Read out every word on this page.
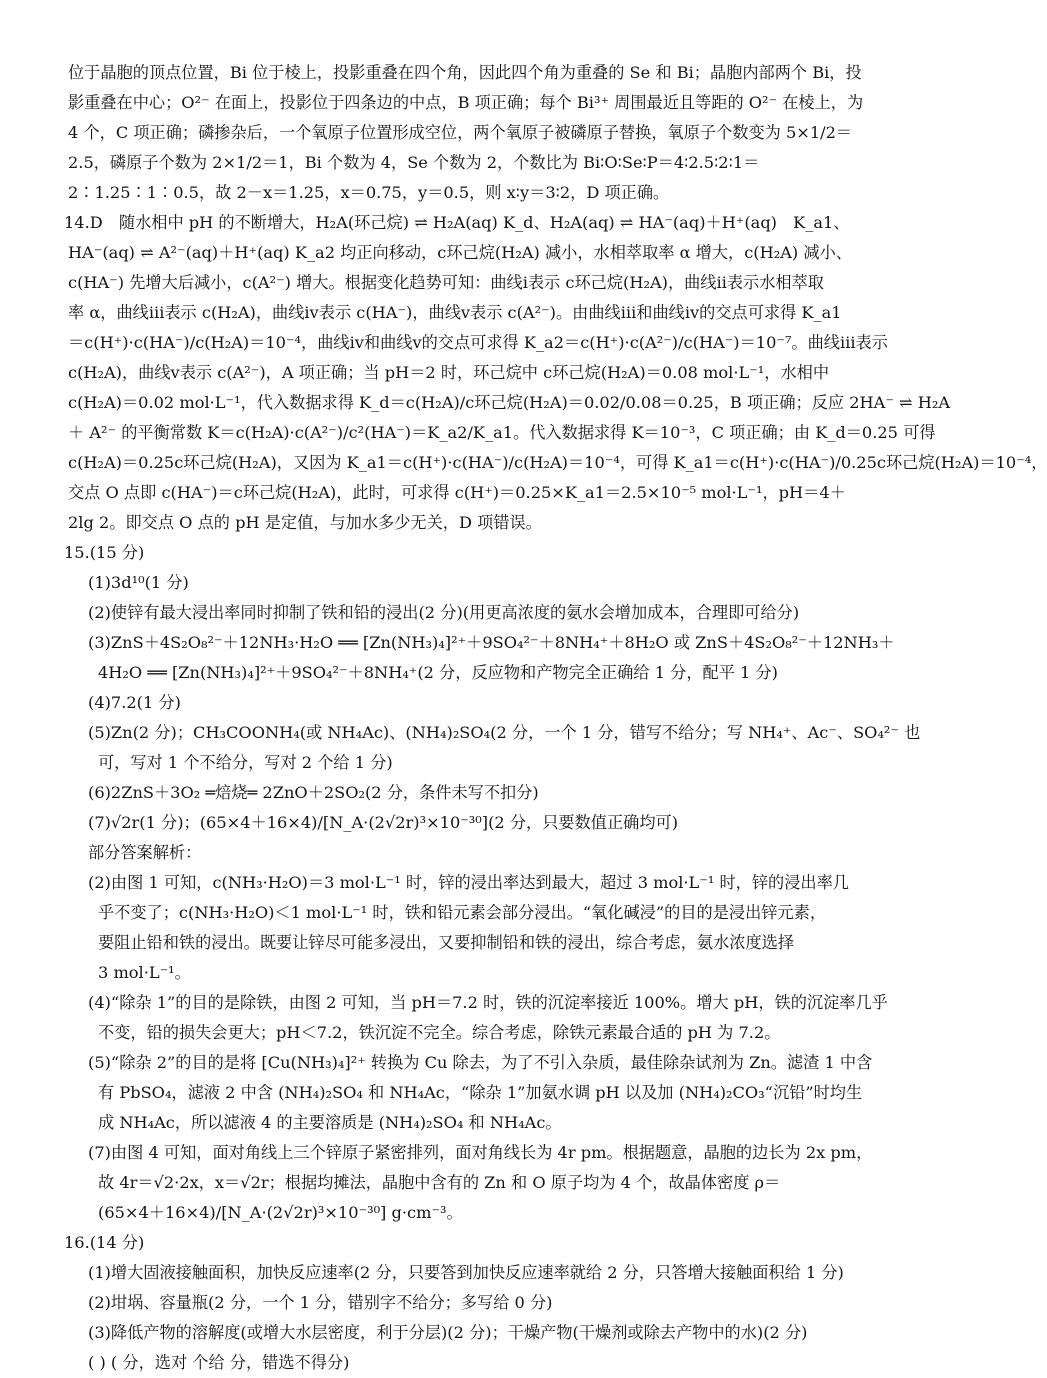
位于晶胞的顶点位置，Bi 位于棱上，投影重叠在四个角，因此四个角为重叠的 Se 和 Bi；晶胞内部两个 Bi，投
影重叠在中心；O²⁻ 在面上，投影位于四条边的中点，B 项正确；每个 Bi³⁺ 周围最近且等距的 O²⁻ 在棱上，为
4 个，C 项正确；磷掺杂后，一个氧原子位置形成空位，两个氧原子被磷原子替换，氧原子个数变为 5×1/2＝
2.5，磷原子个数为 2×1/2＝1，Bi 个数为 4，Se 个数为 2，个数比为 Bi∶O∶Se∶P＝4∶2.5∶2∶1＝
2∶1.25∶1∶0.5，故 2－x＝1.25，x＝0.75，y＝0.5，则 x∶y＝3∶2，D 项正确。
14.D　随水相中 pH 的不断增大，H₂A(环己烷) ⇌ H₂A(aq) K_d、H₂A(aq) ⇌ HA⁻(aq)＋H⁺(aq)　K_a1、
HA⁻(aq) ⇌ A²⁻(aq)＋H⁺(aq) K_a2 均正向移动，c环己烷(H₂A) 减小，水相萃取率 α 增大，c(H₂A) 减小、
c(HA⁻) 先增大后减小，c(A²⁻) 增大。根据变化趋势可知：曲线ⅰ表示 c环己烷(H₂A)，曲线ⅱ表示水相萃取
率 α，曲线ⅲ表示 c(H₂A)，曲线ⅳ表示 c(HA⁻)，曲线ⅴ表示 c(A²⁻)。由曲线ⅲ和曲线ⅳ的交点可求得 K_a1
＝c(H⁺)·c(HA⁻)/c(H₂A)＝10⁻⁴，曲线ⅳ和曲线ⅴ的交点可求得 K_a2＝c(H⁺)·c(A²⁻)/c(HA⁻)＝10⁻⁷。曲线ⅲ表示
c(H₂A)，曲线ⅴ表示 c(A²⁻)，A 项正确；当 pH＝2 时，环己烷中 c环己烷(H₂A)＝0.08 mol·L⁻¹，水相中
c(H₂A)＝0.02 mol·L⁻¹，代入数据求得 K_d＝c(H₂A)/c环己烷(H₂A)＝0.02/0.08＝0.25，B 项正确；反应 2HA⁻ ⇌ H₂A
＋ A²⁻ 的平衡常数 K＝c(H₂A)·c(A²⁻)/c²(HA⁻)＝K_a2/K_a1。代入数据求得 K＝10⁻³，C 项正确；由 K_d＝0.25 可得
c(H₂A)＝0.25c环己烷(H₂A)，又因为 K_a1＝c(H⁺)·c(HA⁻)/c(H₂A)＝10⁻⁴，可得 K_a1＝c(H⁺)·c(HA⁻)/0.25c环己烷(H₂A)＝10⁻⁴，
交点 O 点即 c(HA⁻)＝c环己烷(H₂A)，此时，可求得 c(H⁺)＝0.25×K_a1＝2.5×10⁻⁵ mol·L⁻¹，pH＝4＋
2lg 2。即交点 O 点的 pH 是定值，与加水多少无关，D 项错误。
15.(15 分)
(1)3d¹⁰(1 分)
(2)使锌有最大浸出率同时抑制了铁和铅的浸出(2 分)(用更高浓度的氨水会增加成本，合理即可给分)
(3)ZnS＋4S₂O₈²⁻＋12NH₃·H₂O ══ [Zn(NH₃)₄]²⁺＋9SO₄²⁻＋8NH₄⁺＋8H₂O 或 ZnS＋4S₂O₈²⁻＋12NH₃＋
4H₂O ══ [Zn(NH₃)₄]²⁺＋9SO₄²⁻＋8NH₄⁺(2 分，反应物和产物完全正确给 1 分，配平 1 分)
(4)7.2(1 分)
(5)Zn(2 分)；CH₃COONH₄(或 NH₄Ac)、(NH₄)₂SO₄(2 分，一个 1 分，错写不给分；写 NH₄⁺、Ac⁻、SO₄²⁻ 也
可，写对 1 个不给分，写对 2 个给 1 分)
(6)2ZnS＋3O₂ ═焙烧═ 2ZnO＋2SO₂(2 分，条件未写不扣分)
(7)√2r(1 分)；(65×4＋16×4)/[N_A·(2√2r)³×10⁻³⁰](2 分，只要数值正确均可)
部分答案解析：
(2)由图 1 可知，c(NH₃·H₂O)＝3 mol·L⁻¹ 时，锌的浸出率达到最大，超过 3 mol·L⁻¹ 时，锌的浸出率几
乎不变了；c(NH₃·H₂O)＜1 mol·L⁻¹ 时，铁和铅元素会部分浸出。“氧化碱浸”的目的是浸出锌元素，
要阻止铅和铁的浸出。既要让锌尽可能多浸出，又要抑制铅和铁的浸出，综合考虑，氨水浓度选择
3 mol·L⁻¹。
(4)“除杂 1”的目的是除铁，由图 2 可知，当 pH＝7.2 时，铁的沉淀率接近 100%。增大 pH，铁的沉淀率几乎
不变，铅的损失会更大；pH＜7.2，铁沉淀不完全。综合考虑，除铁元素最合适的 pH 为 7.2。
(5)“除杂 2”的目的是将 [Cu(NH₃)₄]²⁺ 转换为 Cu 除去，为了不引入杂质，最佳除杂试剂为 Zn。滤渣 1 中含
有 PbSO₄，滤液 2 中含 (NH₄)₂SO₄ 和 NH₄Ac，“除杂 1”加氨水调 pH 以及加 (NH₄)₂CO₃“沉铅”时均生
成 NH₄Ac，所以滤液 4 的主要溶质是 (NH₄)₂SO₄ 和 NH₄Ac。
(7)由图 4 可知，面对角线上三个锌原子紧密排列，面对角线长为 4r pm。根据题意，晶胞的边长为 2x pm，
故 4r＝√2·2x，x＝√2r；根据均摊法，晶胞中含有的 Zn 和 O 原子均为 4 个，故晶体密度 ρ＝
(65×4＋16×4)/[N_A·(2√2r)³×10⁻³⁰] g·cm⁻³。
16.(14 分)
(1)增大固液接触面积，加快反应速率(2 分，只要答到加快反应速率就给 2 分，只答增大接触面积给 1 分)
(2)坩埚、容量瓶(2 分，一个 1 分，错别字不给分；多写给 0 分)
(3)降低产物的溶解度(或增大水层密度，利于分层)(2 分)；干燥产物(干燥剂或除去产物中的水)(2 分)
( ) ( 分，选对 个给 分，错选不得分)
